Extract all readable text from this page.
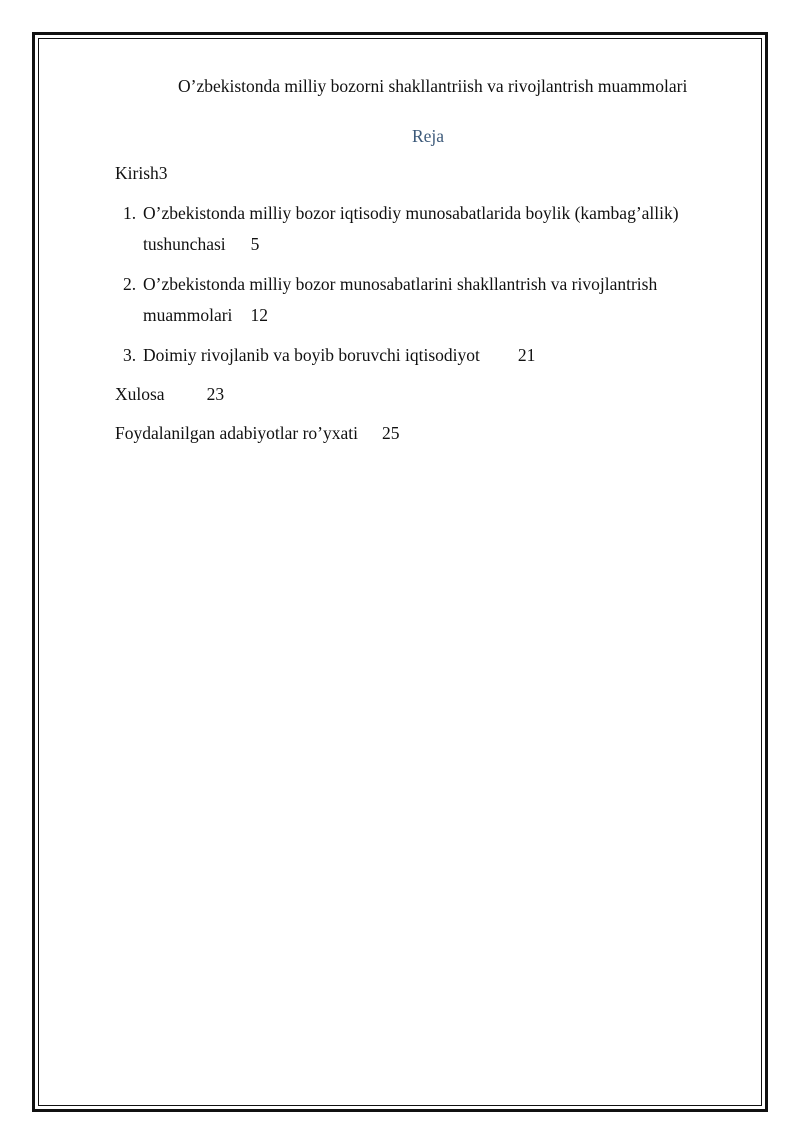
O’zbekistonda milliy bozorni shakllantriish va rivojlantrish muammolari
Reja
Kirish3
1. O’zbekistonda milliy bozor iqtisodiy munosabatlarida boylik (kambag’allik)
tushunchasi 5
2. O’zbekistonda milliy bozor munosabatlarini shakllantrish va rivojlantrish
muammolari 12
3. Doimiy rivojlanib va boyib boruvchi iqtisodiyot 21
Xulosa 23
Foydalanilgan adabiyotlar ro’yxati 25
